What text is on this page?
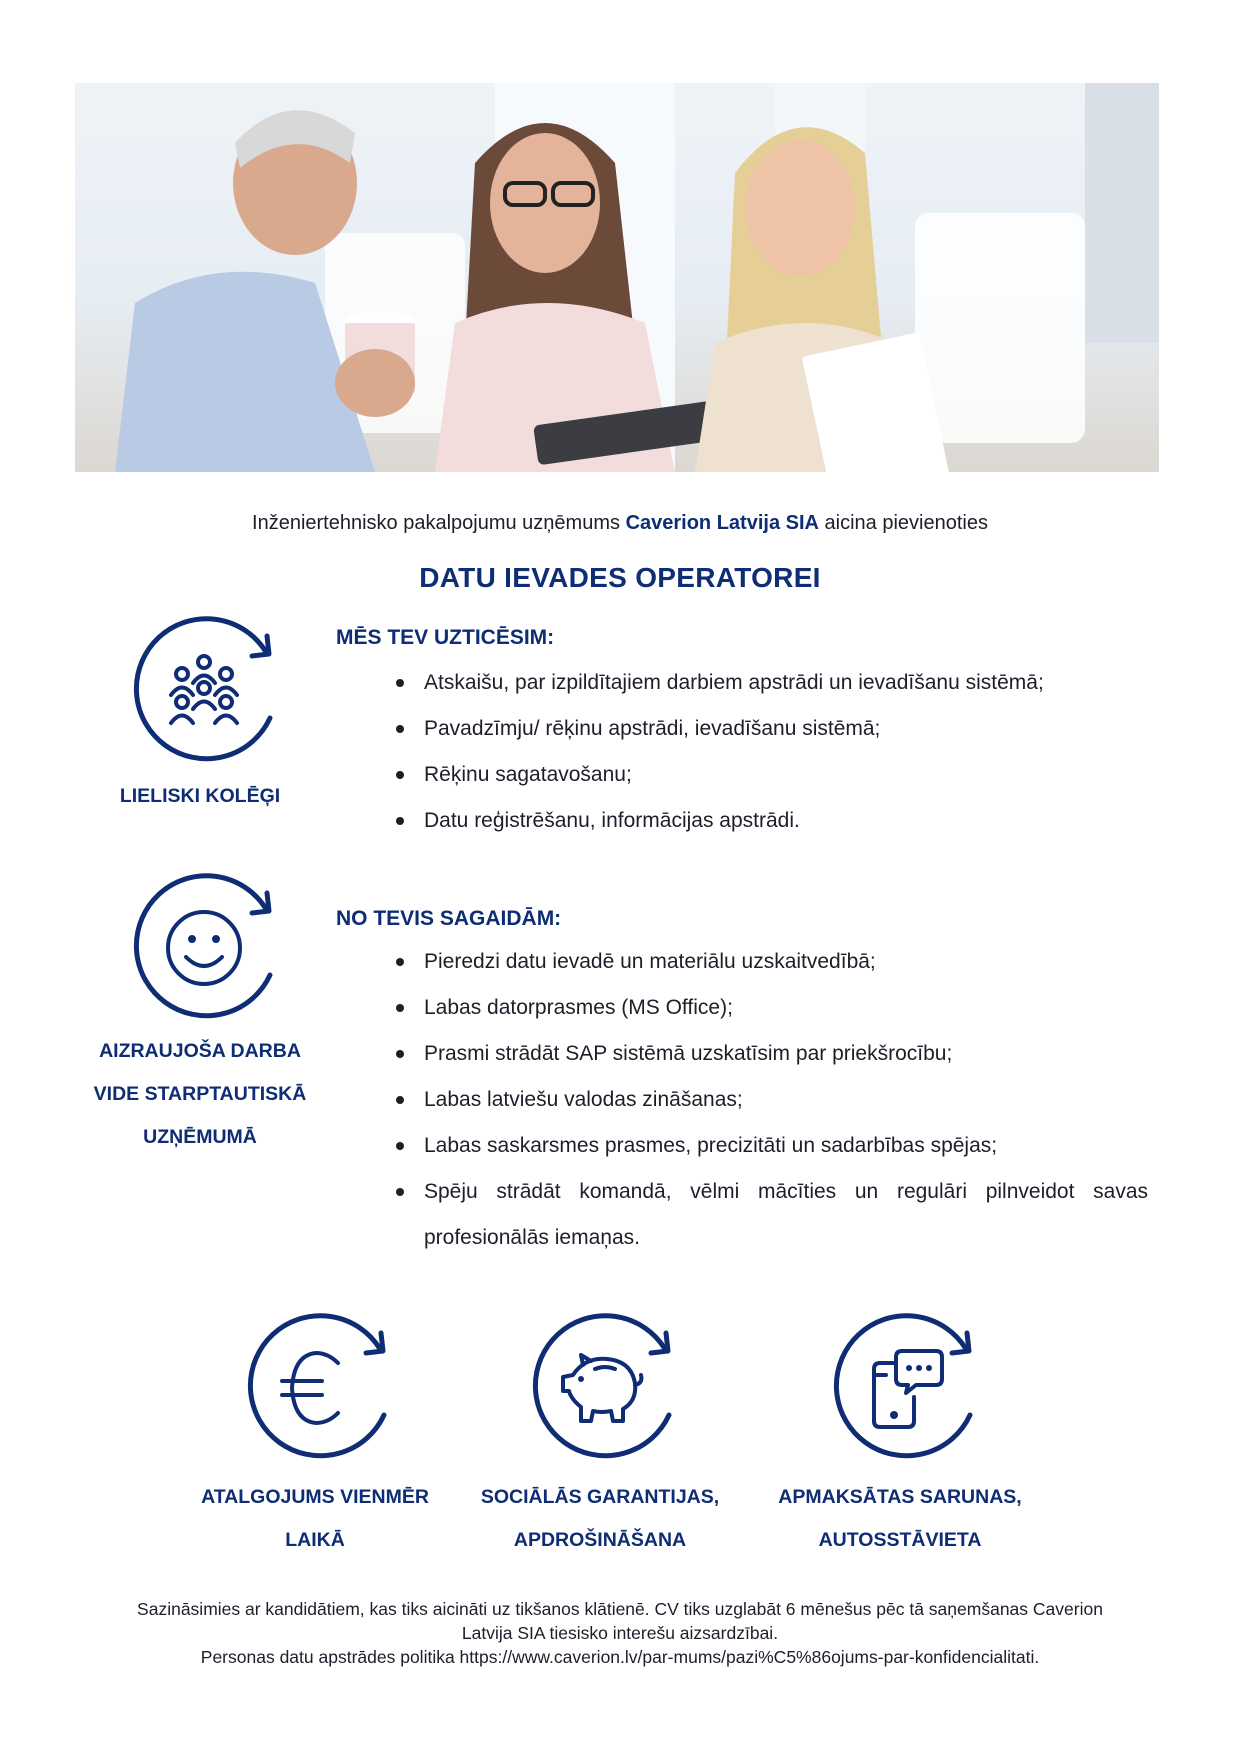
Inženiertehnisko pakalpojumu uzņēmums Caverion Latvija SIA aicina pievienoties
DATU IEVADES OPERATOREI
LIELISKI KOLĒĢI
MĒS TEV UZTICĒSIM:
Atskaišu, par izpildītajiem darbiem apstrādi un ievadīšanu sistēmā;
Pavadzīmju/ rēķinu apstrādi, ievadīšanu sistēmā;
Rēķinu sagatavošanu;
Datu reģistrēšanu, informācijas apstrādi.
AIZRAUJOŠA DARBA
VIDE STARPTAUTISKĀ
UZŅĒMUMĀ
NO TEVIS SAGAIDĀM:
Pieredzi datu ievadē un materiālu uzskaitvedībā;
Labas datorprasmes (MS Office);
Prasmi strādāt SAP sistēmā uzskatīsim par priekšrocību;
Labas latviešu valodas zināšanas;
Labas saskarsmes prasmes, precizitāti un sadarbības spējas;
Spēju strādāt komandā, vēlmi mācīties un regulāri pilnveidot savas profesionālās iemaņas.
ATALGOJUMS VIENMĒR
LAIKĀ
SOCIĀLĀS GARANTIJAS,
APDROŠINĀŠANA
APMAKSĀTAS SARUNAS,
AUTOSSTĀVIETA
Sazināsimies ar kandidātiem, kas tiks aicināti uz tikšanos klātienē. CV tiks uzglabāt 6 mēnešus pēc tā saņemšanas Caverion
Latvija SIA tiesisko interešu aizsardzībai.
Personas datu apstrādes politika https://www.caverion.lv/par-mums/pazi%C5%86ojums-par-konfidencialitati.
